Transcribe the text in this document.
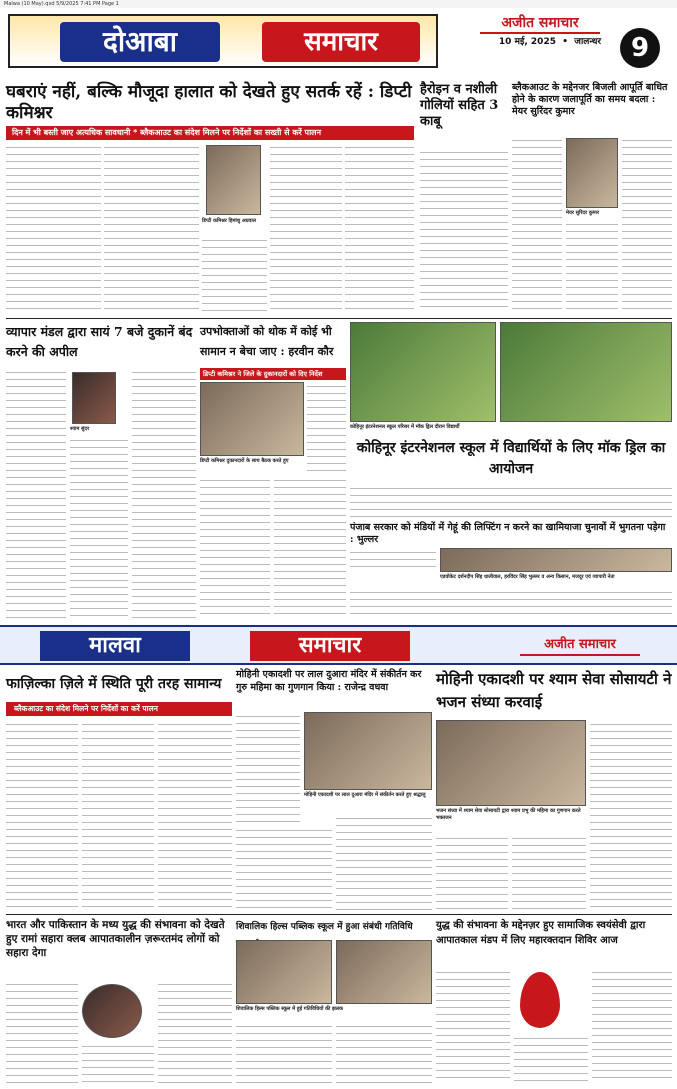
Malwa (10 May).qxd 5/9/2025 7:41 PM Page 1
दोआबा	समाचार
अजीत समाचार
10 मई, 2025  •  जालन्धर	9
घबराएं नहीं, बल्कि मौजूदा हालात को देखते हुए सतर्क रहें : डिप्टी कमिश्नर
दिन में भी बस्ती जाए अत्यधिक सावधानी * ब्लैकआउट का संदेश मिलने पर निर्देशों का सख्ती से करें पालन
डिप्टी कमिश्नर हिमांशु अग्रवाल
हैरोइन व नशीली गोलियों सहित 3 काबू
ब्लैकआउट के मद्देनजर बिजली आपूर्ति बाधित होने के कारण जलापूर्ति का समय बदला : मेयर सुरिंदर कुमार
मेयर सुरिंदर कुमार
व्यापार मंडल द्वारा सायं 7 बजे दुकानें बंद करने की अपील
श्याम सुंदर
उपभोक्ताओं को थोक में कोई भी सामान न बेचा जाए : हरवीन कौर
डिप्टी कमिश्नर ने जिले के दुकानदारों को दिए निर्देश
डिप्टी कमिश्नर दुकानदारों के साथ बैठक करते हुए
कोहिनूर इंटरनेशनल स्कूल परिसर में मॉक ड्रिल दौरान विद्यार्थी
कोहिनूर इंटरनेशनल स्कूल में विद्यार्थियों के लिए मॉक ड्रिल का आयोजन
पंजाब सरकार को मंडियों में गेहूं की लिफ्टिंग न करने का खामियाजा चुनावों में भुगतना पड़ेगा : भुल्लर
एडवोकेट दर्शनदीप सिंह धालीवाल, हरविंदर सिंह भुल्लर व अन्य किसान, मजदूर एवं व्यापारी नेता
मालवा	समाचार	अजीत समाचार
फाज़िल्का ज़िले में स्थिति पूरी तरह सामान्य
ब्लैकआउट का संदेश मिलने पर निर्देशों का करें पालन
मोहिनी एकादशी पर लाल दुआरा मंदिर में संकीर्तन कर गुरु महिमा का गुणगान किया : राजेन्द्र वधवा
मोहिनी एकादशी पर लाल दुआरा मंदिर में संकीर्तन करते हुए श्रद्धालु
मोहिनी एकादशी पर श्याम सेवा सोसायटी ने भजन संध्या करवाई
भजन संध्या में श्याम सेवा सोसायटी द्वारा श्याम प्रभु की महिमा का गुणगान करते भक्तजन
भारत और पाकिस्तान के मध्य युद्ध की संभावना को देखते हुए रामां सहारा क्लब आपातकालीन ज़रूरतमंद लोगों को सहारा देगा
शिवालिक हिल्स पब्लिक स्कूल में हुआ संबंधी गतिविधि
शिवालिक हिल्स पब्लिक स्कूल में हुई गतिविधियों की झलक
युद्ध की संभावना के मद्देनज़र हुए सामाजिक स्वयंसेवी द्वारा आपातकाल मंडप में लिए महारक्तदान शिविर आज
